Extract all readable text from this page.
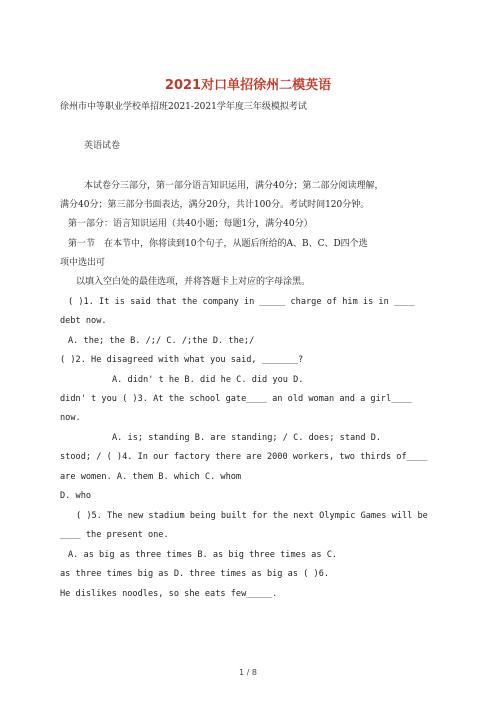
2021对口单招徐州二模英语
徐州市中等职业学校单招班2021-2021学年度三年级模拟考试
英语试卷
本试卷分三部分，第一部分语言知识运用，满分40分；第二部分阅读理解，
满分40分；第三部分书面表达，满分20分，共计100分。考试时间120分钟。
第一部分：语言知识运用（共40小题；每题1分，满分40分）
第一节　在本节中，你将读到10个句子，从题后所给的A、B、C、D四个选
项中选出可
以填入空白处的最佳选项，并将答题卡上对应的字母涂黑。
( )1. It is said that the company in _____ charge of him is in ____
debt now.
A. the; the B. /;/ C. /;the D. the;/
( )2. He disagreed with what you said, _______?
A. didn' t he B. did he C. did you D.
didn' t you ( )3. At the school gate____ an old woman and a girl____
now.
A. is; standing B. are standing; / C. does; stand D.
stood; / ( )4. In our factory there are 2000 workers, two thirds of____
are women. A. them B. which C. whom
D. who
( )5. The new stadium being built for the next Olympic Games will be
____ the present one.
A. as big as three times B. as big three times as C.
as three times big as D. three times as big as ( )6.
He dislikes noodles, so she eats few_____.
1 / 8
